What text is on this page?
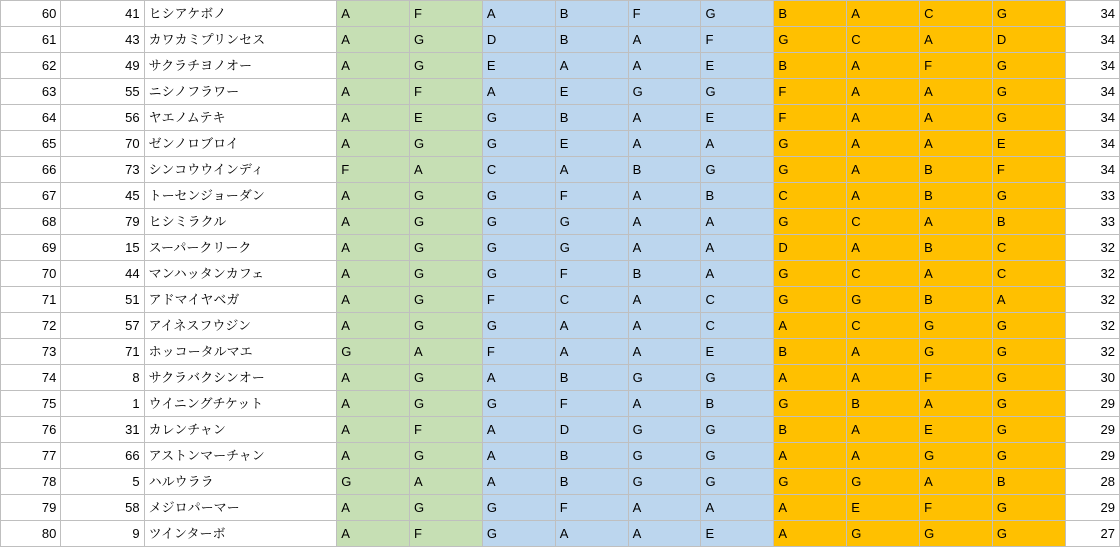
60	41	ヒシアケボノ	A	F	A	B	F	G	B	A	C	G	34
61	43	カワカミプリンセス	A	G	D	B	A	F	G	C	A	D	34
62	49	サクラチヨノオー	A	G	E	A	A	E	B	A	F	G	34
63	55	ニシノフラワー	A	F	A	E	G	G	F	A	A	G	34
64	56	ヤエノムテキ	A	E	G	B	A	E	F	A	A	G	34
65	70	ゼンノロブロイ	A	G	G	E	A	A	G	A	A	E	34
66	73	シンコウウインディ	F	A	C	A	B	G	G	A	B	F	34
67	45	トーセンジョーダン	A	G	G	F	A	B	C	A	B	G	33
68	79	ヒシミラクル	A	G	G	G	A	A	G	C	A	B	33
69	15	スーパークリーク	A	G	G	G	A	A	D	A	B	C	32
70	44	マンハッタンカフェ	A	G	G	F	B	A	G	C	A	C	32
71	51	アドマイヤベガ	A	G	F	C	A	C	G	G	B	A	32
72	57	アイネスフウジン	A	G	G	A	A	C	A	C	G	G	32
73	71	ホッコータルマエ	G	A	F	A	A	E	B	A	G	G	32
74	8	サクラバクシンオー	A	G	A	B	G	G	A	A	F	G	30
75	1	ウイニングチケット	A	G	G	F	A	B	G	B	A	G	29
76	31	カレンチャン	A	F	A	D	G	G	B	A	E	G	29
77	66	アストンマーチャン	A	G	A	B	G	G	A	A	G	G	29
78	5	ハルウララ	G	A	A	B	G	G	G	G	A	B	28
79	58	メジロパーマー	A	G	G	F	A	A	A	E	F	G	29
80	9	ツインターボ	A	F	G	A	A	E	A	G	G	G	27
